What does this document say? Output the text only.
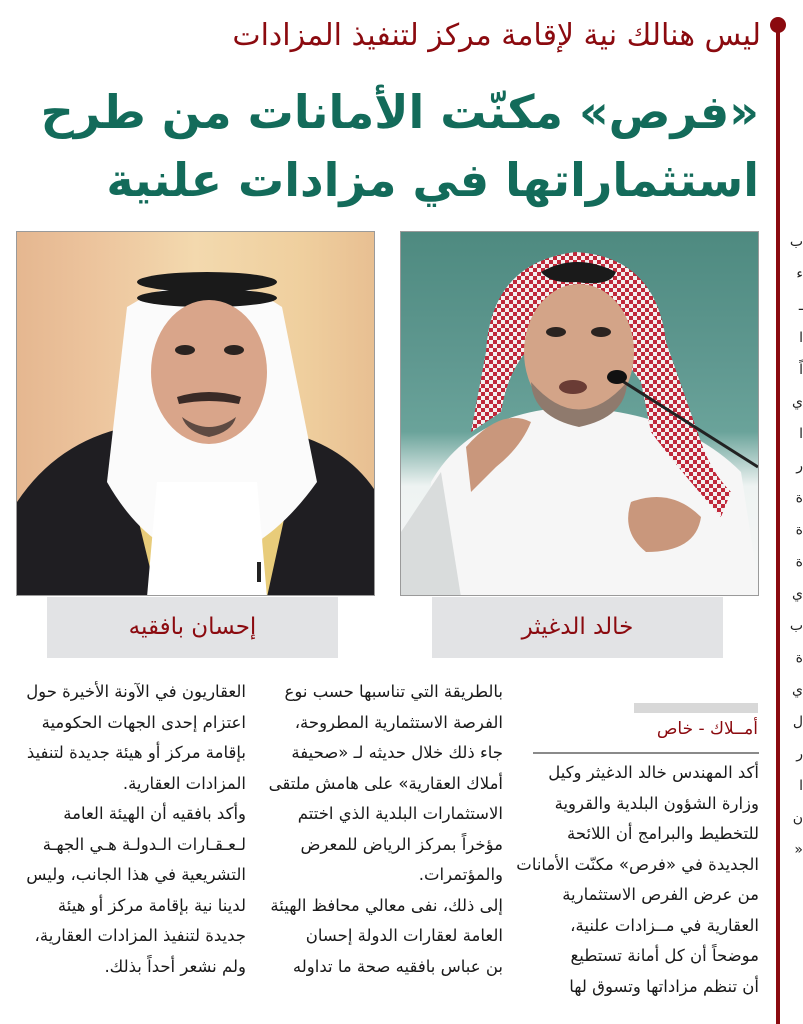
ب
ء
ـ
ا
اً
ي
ا
ر
ة
ة
ة
ي
ب
ة
ي
ل
ر
ا
ن
«
ليس هنالك نية لإقامة مركز لتنفيذ المزادات
«فرص» مكنّت الأمانات من طرح
استثماراتها في مزادات علنية
خالد الدغيثر
إحسان بافقيه
أمــلاك - خاص
أكد المهندس خالد الدغيثر وكيل
وزارة الشؤون البلدية والقروية
للتخطيط والبرامج أن اللائحة
الجديدة في «فرص» مكنّت الأمانات
من عرض الفرص الاستثمارية
العقارية في مــزادات علنية،
موضحاً أن كل أمانة تستطيع
أن تنظم مزاداتها وتسوق لها
بالطريقة التي تناسبها حسب نوع
الفرصة الاستثمارية المطروحة،
جاء ذلك خلال حديثه لـ «صحيفة
أملاك العقارية» على هامش ملتقى
الاستثمارات البلدية الذي اختتم
مؤخراً بمركز الرياض للمعرض
والمؤتمرات.
إلى ذلك، نفى معالي محافظ الهيئة
العامة لعقارات الدولة إحسان
بن عباس بافقيه صحة ما تداوله
العقاريون في الآونة الأخيرة حول
اعتزام إحدى الجهات الحكومية
بإقامة مركز أو هيئة جديدة لتنفيذ
المزادات العقارية.
وأكد بافقيه أن الهيئة العامة
لـعـقـارات الـدولـة هـي الجهـة
التشريعية في هذا الجانب، وليس
لدينا نية بإقامة مركز أو هيئة
جديدة لتنفيذ المزادات العقارية،
ولم نشعر أحداً بذلك.
